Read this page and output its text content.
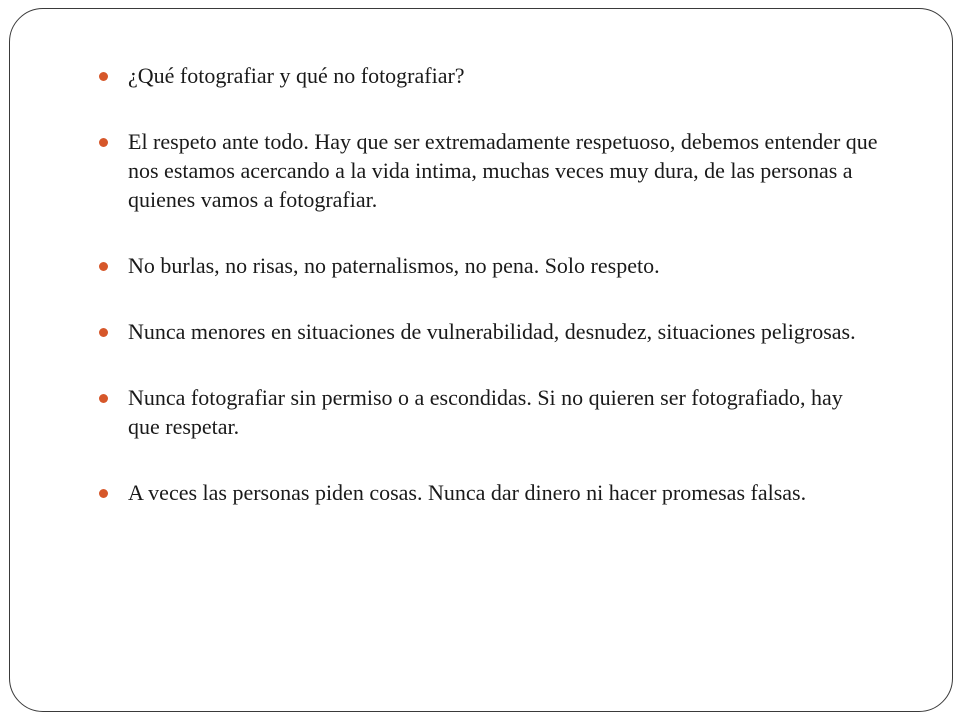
¿Qué fotografiar y qué no fotografiar?
El respeto ante todo. Hay que ser extremadamente respetuoso, debemos entender que nos estamos acercando a la vida intima, muchas veces muy dura, de las personas a quienes vamos a fotografiar.
No burlas, no risas, no paternalismos, no pena. Solo respeto.
Nunca menores en situaciones de vulnerabilidad, desnudez, situaciones peligrosas.
Nunca fotografiar sin permiso o a escondidas. Si no quieren ser fotografiado, hay que respetar.
A veces las personas piden cosas. Nunca dar dinero ni hacer promesas falsas.
